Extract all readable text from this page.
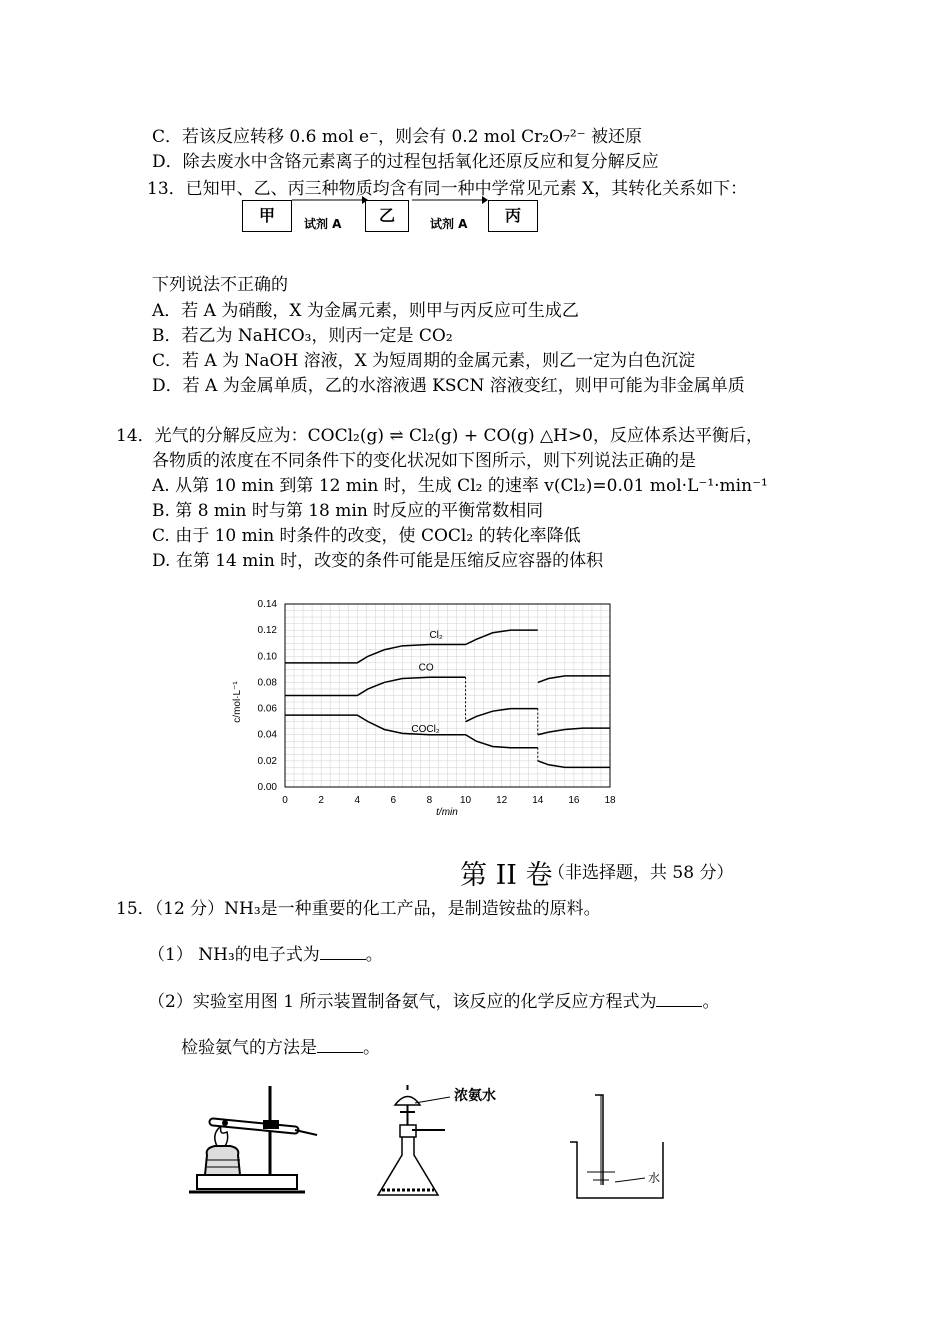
C．若该反应转移 0.6 mol e⁻，则会有 0.2 mol Cr₂O₇²⁻ 被还原
D．除去废水中含铬元素离子的过程包括氧化还原反应和复分解反应
13．已知甲、乙、丙三种物质均含有同一种中学常见元素 X，其转化关系如下：
甲	试剂 A	乙	试剂 A	丙
下列说法不正确的
A．若 A 为硝酸，X 为金属元素，则甲与丙反应可生成乙
B．若乙为 NaHCO₃，则丙一定是 CO₂
C．若 A 为 NaOH 溶液，X 为短周期的金属元素，则乙一定为白色沉淀
D．若 A 为金属单质，乙的水溶液遇 KSCN 溶液变红，则甲可能为非金属单质
14．光气的分解反应为：COCl₂(g) ⇌ Cl₂(g) + CO(g) △H>0，反应体系达平衡后，
各物质的浓度在不同条件下的变化状况如下图所示，则下列说法正确的是
A. 从第 10 min 到第 12 min 时，生成 Cl₂ 的速率 v(Cl₂)=0.01 mol·L⁻¹·min⁻¹
B. 第 8 min 时与第 18 min 时反应的平衡常数相同
C. 由于 10 min 时条件的改变，使 COCl₂ 的转化率降低
D. 在第 14 min 时，改变的条件可能是压缩反应容器的体积
0	2	4	6	8	10 12 14 16 18
0.00
0.02
0.04
0.06
0.08
0.10
0.12
0.14
Cl₂
CO
COCl₂
t/min
c/mol·L⁻¹
第 II 卷
（非选择题，共 58 分）
15．（12 分）NH₃是一种重要的化工产品，是制造铵盐的原料。
（1） NH₃的电子式为	。
（2）实验室用图 1 所示装置制备氨气，该反应的化学反应方程式为	。
检验氨气的方法是	。
浓氨水
水
